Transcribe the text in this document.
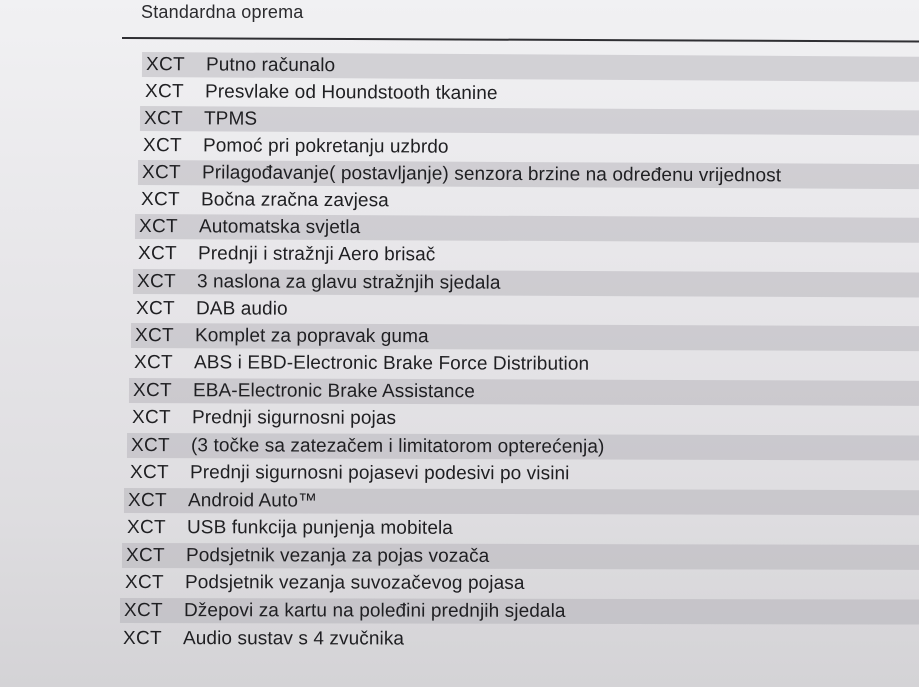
Standardna oprema
XCT	Putno računalo
XCT	Presvlake od Houndstooth tkanine
XCT	TPMS
XCT	Pomoć pri pokretanju uzbrdo
XCT	Prilagođavanje( postavljanje) senzora brzine na određenu vrijednost
XCT	Bočna zračna zavjesa
XCT	Automatska svjetla
XCT	Prednji i stražnji Aero brisač
XCT	3 naslona za glavu stražnjih sjedala
XCT	DAB audio
XCT	Komplet za popravak guma
XCT	ABS i EBD-Electronic Brake Force Distribution
XCT	EBA-Electronic Brake Assistance
XCT	Prednji sigurnosni pojas
XCT	(3 točke sa zatezačem i limitatorom opterećenja)
XCT	Prednji sigurnosni pojasevi podesivi po visini
XCT	Android Auto™
XCT	USB funkcija punjenja mobitela
XCT	Podsjetnik vezanja za pojas vozača
XCT	Podsjetnik vezanja suvozačevog pojasa
XCT	Džepovi za kartu na poleđini prednjih sjedala
XCT	Audio sustav s 4 zvučnika
